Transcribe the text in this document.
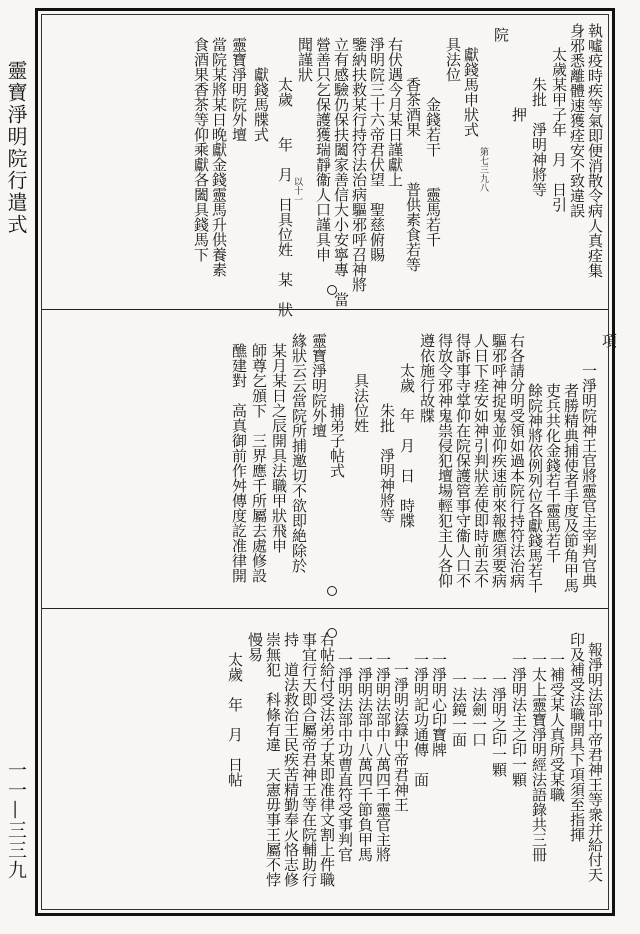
靈寶淨明院行遣式
一一—三三九
執噓疫時疾等氣即便消散令病人真痊集
身邪悉離體速獲痊安不致違誤
太歲某甲子年　月　日引
朱批　淨明神將等
押
院
獻錢馬申狀式
第七三九八
具法位
金錢若干　　靈馬若千
香茶酒果　　　普供素食若等
右伏遇今月某日謹獻上
淨明院三十六帝君伏望　聖慈俯賜
鑒納扶救某行持符法治病驅邪呼召神將
立有感驗仍保扶闔家善信大小安寧專　當
營善只乞保護獲瑞靜衞人口謹具申
聞謹狀
太歲　　年　月　日具位姓　某　狀
以十一
獻錢馬牒式
靈寶淨明院外壇
當院某將某日晚獻金錢靈馬升供養素
食酒果香茶等仰乘獻各闔具錢馬下
項
一淨明院神王官將靈官主宰判官典
者勝精典捕使者手度及節角甲馬
吏兵共化金錢若千靈馬若千
餘院神將依例列位各獻錢馬若千
右各請分明受領如過本院行持符法治病
驅邪呼神捉鬼並仰疾速前來報應須要病
人日下痊安如神引判狀差使即時前去不
得訴事寺掌仰在院保護管事守衞人口不
得放令邪神鬼祟侵犯壇場輕犯主人各仰
遵依施行故牒
太歲　年　月　日　時牒
朱批　淨明神將等
具法位姓
捕弟子帖式
靈寶淨明院外壇
緣狀云云當院所捕邀切不欲即絶除於
某月某日之辰開具法職甲狀飛申
師尊乞頒下　三界應千所屬去處修設
醮建對　高真御前作舛傳度訖准律開
報淨明法部中帝君神王等衆并給付天
印及補受法職開具下項須至指揮
一補受某人真所受某職
一太上靈寶淨明經法語錄共三冊
一淨明法主之印一顆
一淨明之印一顆
一法劍一口
一法鏡一面
一淨明心印寶牌
一淨明記功通傳　面
一淨明法籙中帝君神王
一淨明法部中八萬四千靈官主將
一淨明法部中八萬四千節負甲馬
一淨明法部中功曹直符受事判官
右帖給付受法弟子某即准律文割上件職
事宜行天即合屬帝君神王等在院輔助行
持　道法救治王民疾苦精勤奉火恪志修
崇無犯　科條有違　天憲毋事王屬不悖
慢易
太歲　年　月　日帖
